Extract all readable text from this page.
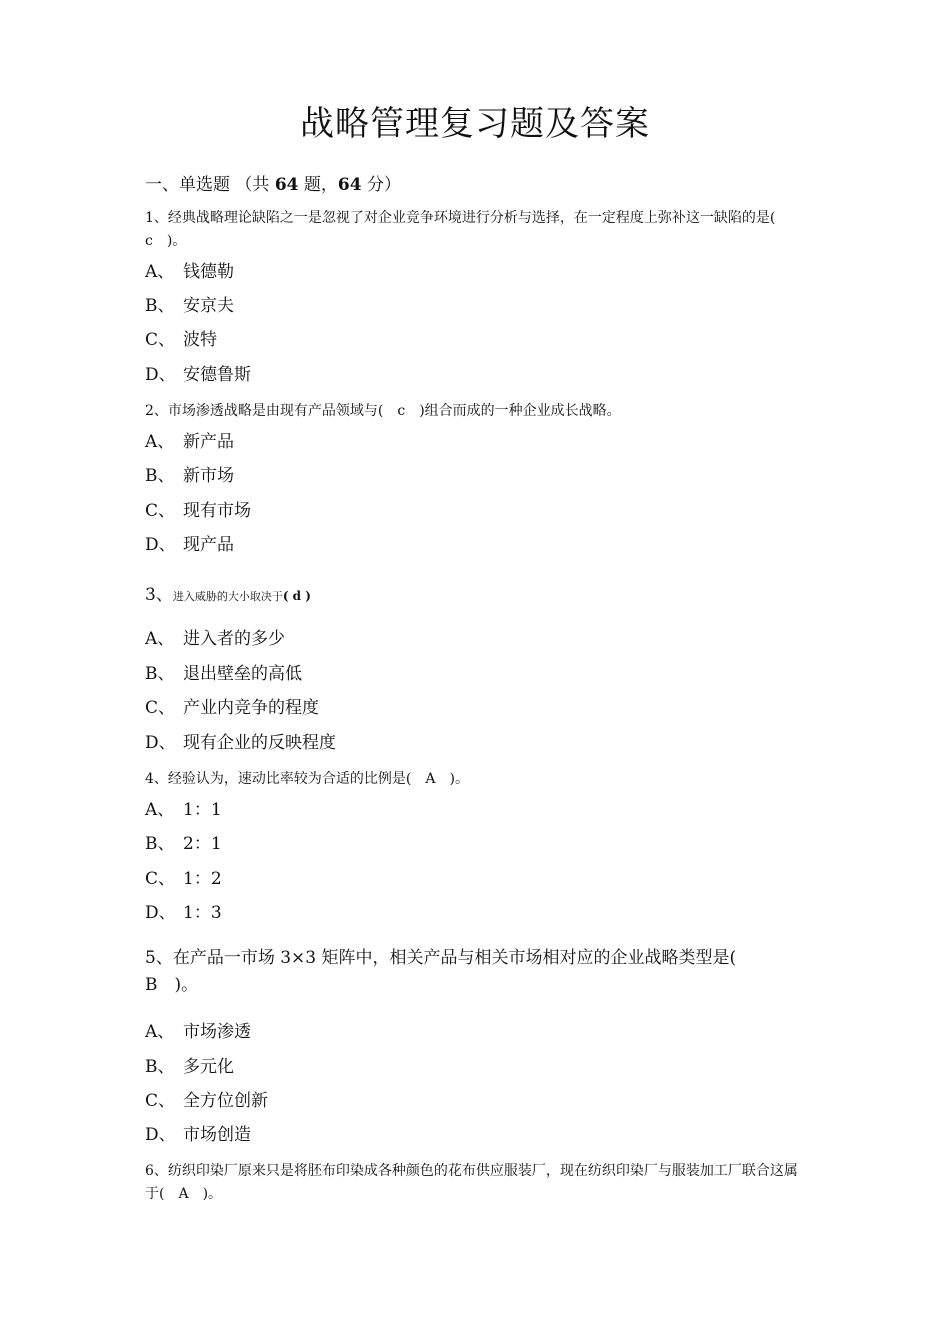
战略管理复习题及答案
一、单选题 （共 64 题，64 分）
1、经典战略理论缺陷之一是忽视了对企业竞争环境进行分析与选择，在一定程度上弥补这一缺陷的是(　c　)。
A、 钱德勒
B、 安京夫
C、 波特
D、 安德鲁斯
2、市场渗透战略是由现有产品领域与(　c　)组合而成的一种企业成长战略。
A、 新产品
B、 新市场
C、 现有市场
D、 现产品
3、进入威胁的大小取决于( d )
A、 进入者的多少
B、 退出壁垒的高低
C、 产业内竞争的程度
D、 现有企业的反映程度
4、经验认为，速动比率较为合适的比例是(　A　)。
A、 1：1
B、 2：1
C、 1：2
D、 1：3
5、在产品一市场 3×3 矩阵中，相关产品与相关市场相对应的企业战略类型是(　B　)。
A、 市场渗透
B、 多元化
C、 全方位创新
D、 市场创造
6、纺织印染厂原来只是将胚布印染成各种颜色的花布供应服装厂，现在纺织印染厂与服装加工厂联合这属于(　A　)。
